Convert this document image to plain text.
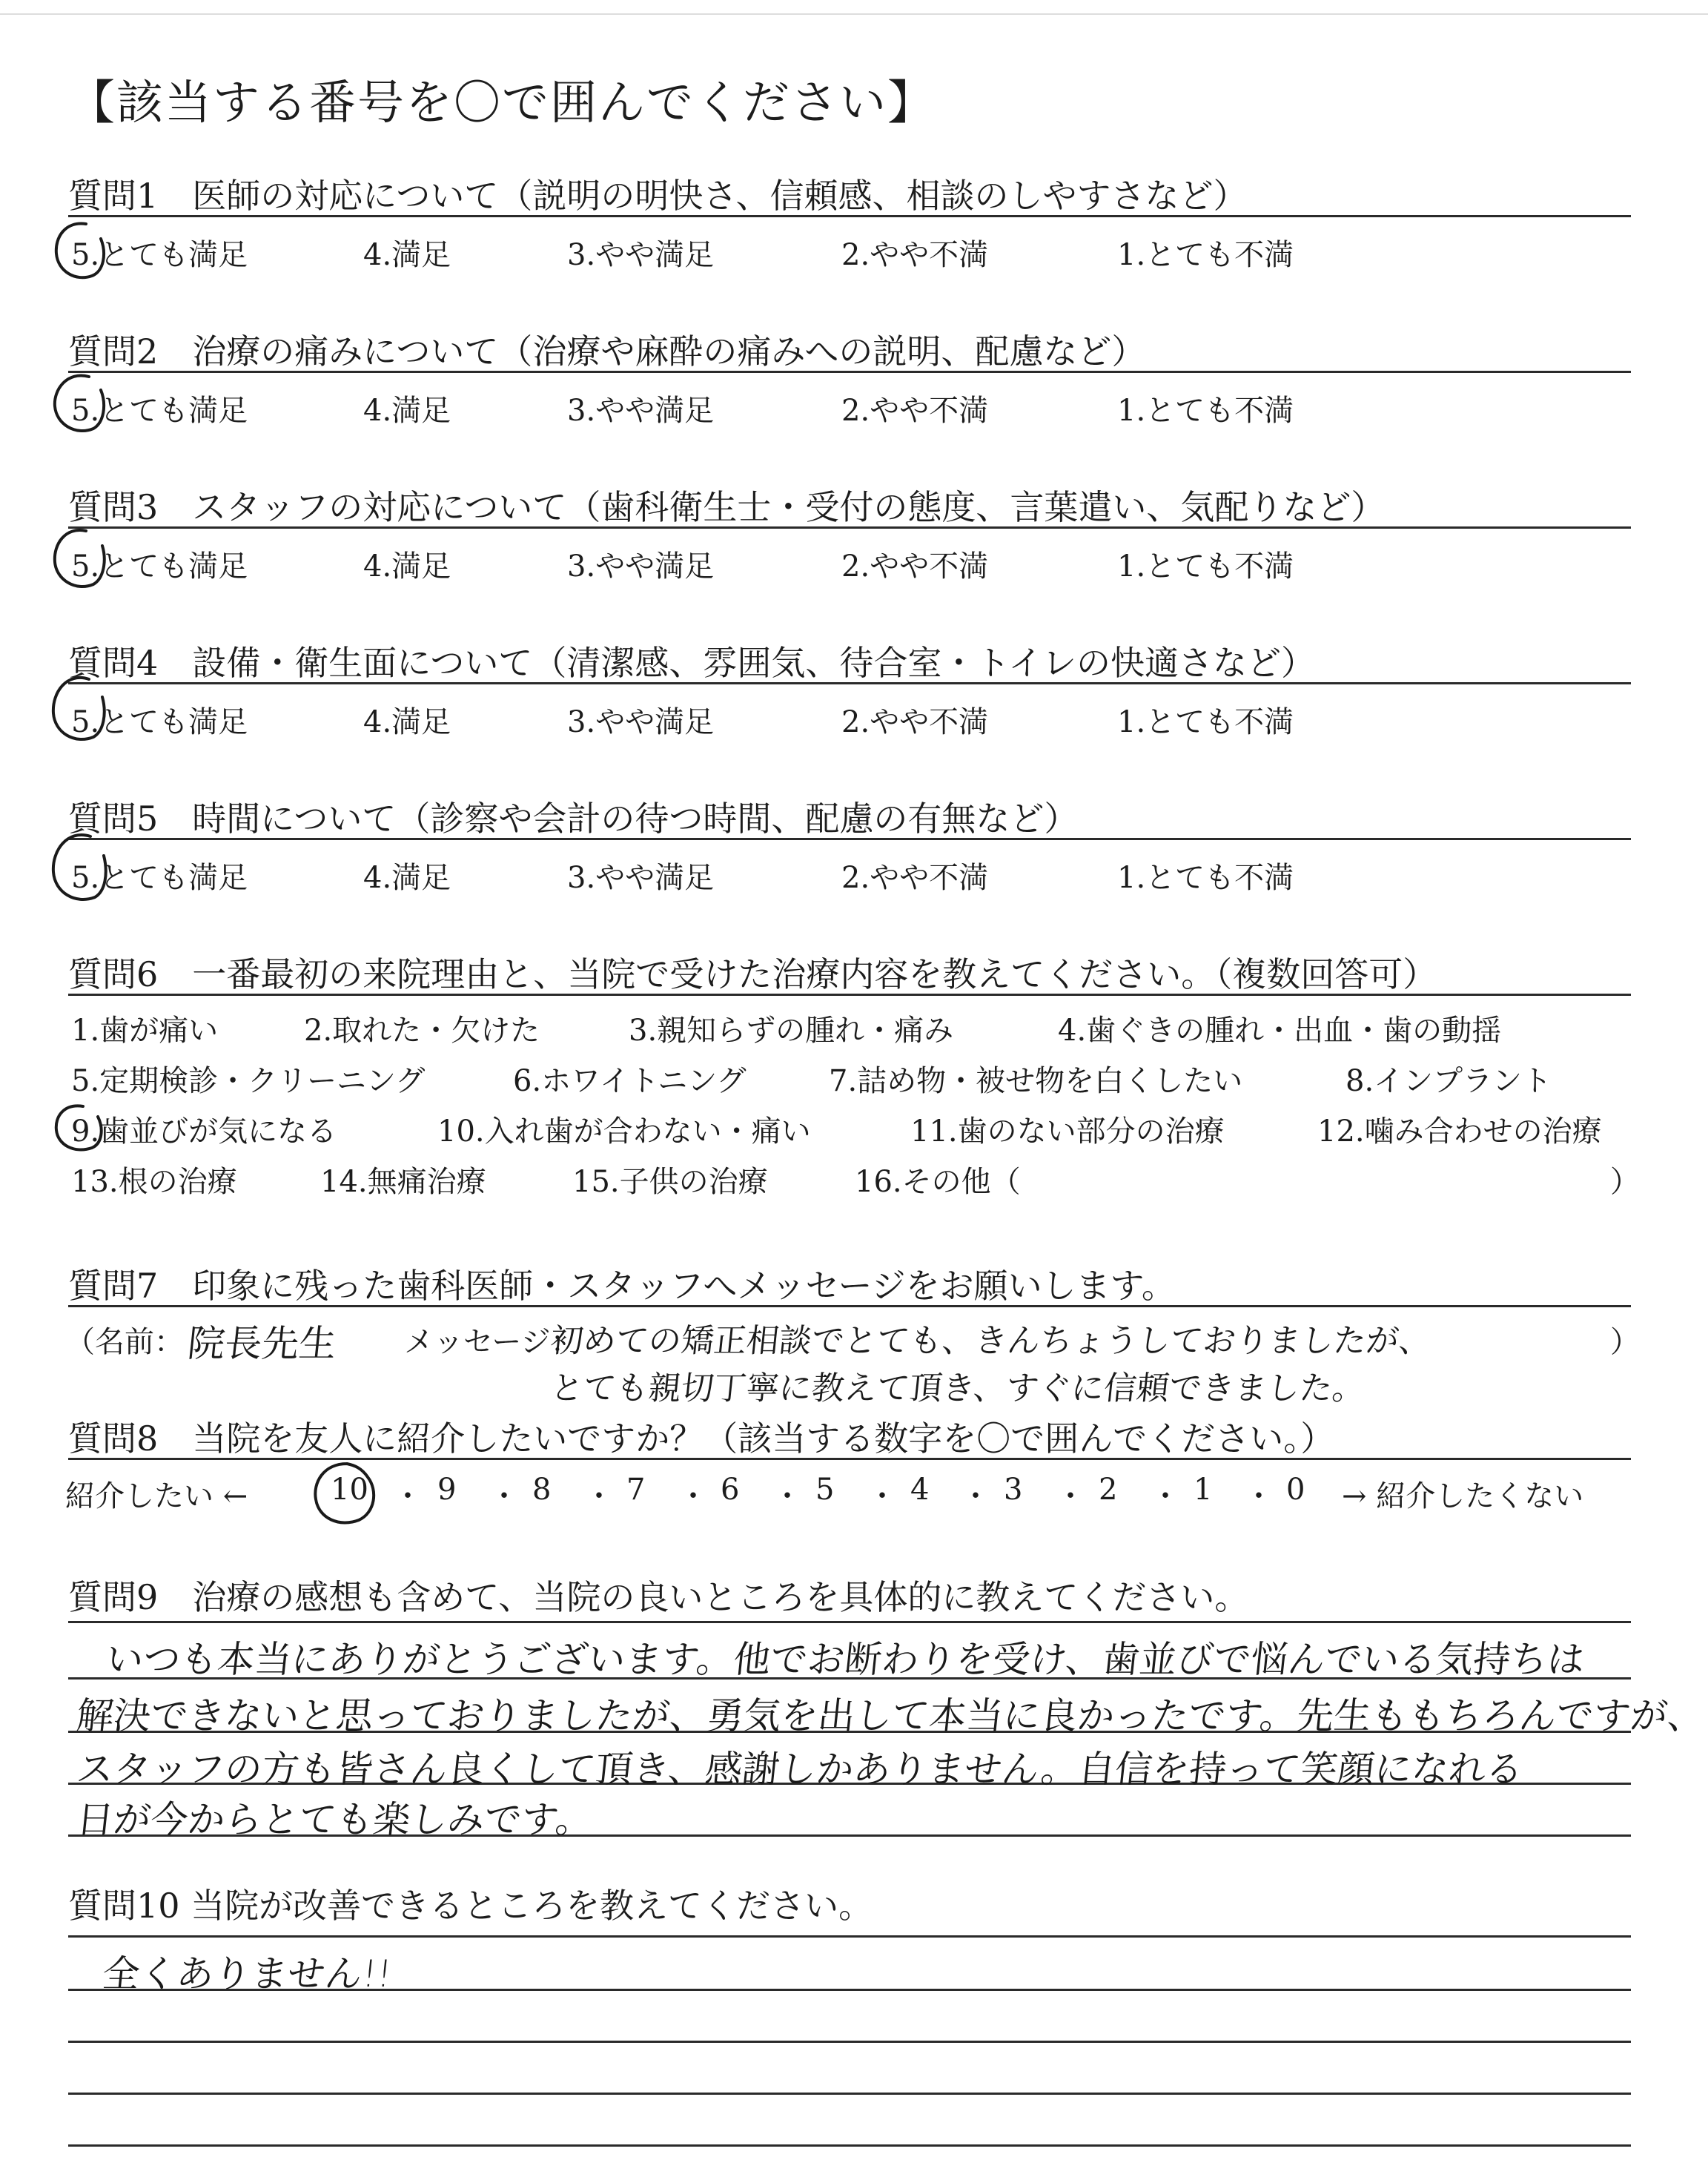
【該当する番号を〇で囲んでください】
質問1　医師の対応について（説明の明快さ、信頼感、相談のしやすさなど）
5.とても満足	4.満足	3.やや満足	2.やや不満	1.とても不満
質問2　治療の痛みについて（治療や麻酔の痛みへの説明、配慮など）
5.とても満足	4.満足	3.やや満足	2.やや不満	1.とても不満
質問3　スタッフの対応について（歯科衛生士・受付の態度、言葉遣い、気配りなど）
5.とても満足	4.満足	3.やや満足	2.やや不満	1.とても不満
質問4　設備・衛生面について（清潔感、雰囲気、待合室・トイレの快適さなど）
5.とても満足	4.満足	3.やや満足	2.やや不満	1.とても不満
質問5　時間について（診察や会計の待つ時間、配慮の有無など）
5.とても満足	4.満足	3.やや満足	2.やや不満	1.とても不満
質問6　一番最初の来院理由と、当院で受けた治療内容を教えてください。（複数回答可）
1.歯が痛い	2.取れた・欠けた	3.親知らずの腫れ・痛み	4.歯ぐきの腫れ・出血・歯の動揺
5.定期検診・クリーニング	6.ホワイトニング	7.詰め物・被せ物を白くしたい	8.インプラント
9.歯並びが気になる	10.入れ歯が合わない・痛い	11.歯のない部分の治療	12.噛み合わせの治療
13.根の治療	14.無痛治療	15.子供の治療	16.その他（	）
質問7　印象に残った歯科医師・スタッフへメッセージをお願いします。
（名前： 院長先生 メッセージ：
初めての矯正相談でとても、きんちょうしておりましたが、
とても親切丁寧に教えて頂き、すぐに信頼できました。
）
質問8　当院を友人に紹介したいですか？（該当する数字を〇で囲んでください。）
紹介したい ←	10 ・ 9 ・ 8 ・ 7 ・ 6 ・ 5 ・ 4 ・ 3 ・ 2 ・ 1 ・ 0 → 紹介したくない
質問9　治療の感想も含めて、当院の良いところを具体的に教えてください。
いつも本当にありがとうございます。他でお断わりを受け、歯並びで悩んでいる気持ちは
解決できないと思っておりましたが、勇気を出して本当に良かったです。先生ももちろんですが、
スタッフの方も皆さん良くして頂き、感謝しかありません。自信を持って笑顔になれる
日が今からとても楽しみです。
質問10 当院が改善できるところを教えてください。
全くありません!!
